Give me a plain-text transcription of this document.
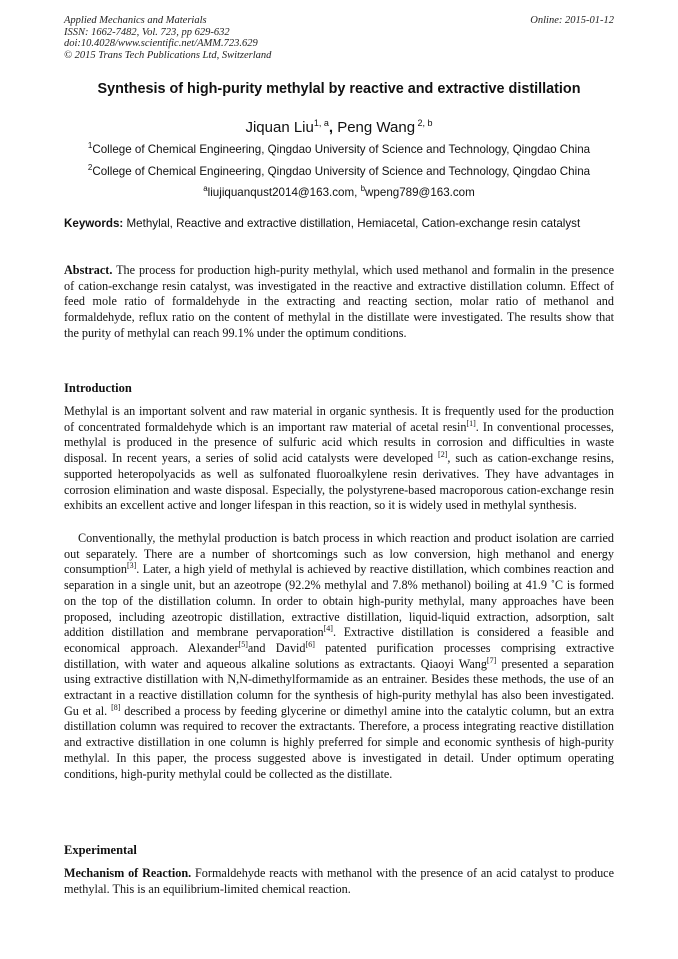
Applied Mechanics and Materials
ISSN: 1662-7482, Vol. 723, pp 629-632
doi:10.4028/www.scientific.net/AMM.723.629
© 2015 Trans Tech Publications Ltd, Switzerland
Online: 2015-01-12
Synthesis of high-purity methylal by reactive and extractive distillation
Jiquan Liu$^{1, a}$, Peng Wang $^{2, b}$
$^1$College of Chemical Engineering, Qingdao University of Science and Technology, Qingdao China
$^2$College of Chemical Engineering, Qingdao University of Science and Technology, Qingdao China
$^a$liujiquanqust2014@163.com, $^b$wpeng789@163.com
Keywords: Methylal, Reactive and extractive distillation, Hemiacetal, Cation-exchange resin catalyst
Abstract. The process for production high-purity methylal, which used methanol and formalin in the presence of cation-exchange resin catalyst, was investigated in the reactive and extractive distillation column. Effect of feed mole ratio of formaldehyde in the extracting and reacting section, molar ratio of methanol and formaldehyde, reflux ratio on the content of methylal in the distillate were investigated. The results show that the purity of methylal can reach 99.1% under the optimum conditions.
Introduction
Methylal is an important solvent and raw material in organic synthesis. It is frequently used for the production of concentrated formaldehyde which is an important raw material of acetal resin[1]. In conventional processes, methylal is produced in the presence of sulfuric acid which results in corrosion and difficulties in waste disposal. In recent years, a series of solid acid catalysts were developed [2], such as cation-exchange resins, supported heteropolyacids as well as sulfonated fluoroalkylene resin derivatives. They have advantages in corrosion elimination and waste disposal. Especially, the polystyrene-based macroporous cation-exchange resin exhibits an excellent active and longer lifespan in this reaction, so it is widely used in methylal synthesis.
Conventionally, the methylal production is batch process in which reaction and product isolation are carried out separately. There are a number of shortcomings such as low conversion, high methanol and energy consumption[3]. Later, a high yield of methylal is achieved by reactive distillation, which combines reaction and separation in a single unit, but an azeotrope (92.2% methylal and 7.8% methanol) boiling at 41.9 ˚C is formed on the top of the distillation column. In order to obtain high-purity methylal, many approaches have been proposed, including azeotropic distillation, extractive distillation, liquid-liquid extraction, adsorption, salt addition distillation and membrane pervaporation[4]. Extractive distillation is considered a feasible and economical approach. Alexander[5]and David[6] patented purification processes comprising extractive distillation, with water and aqueous alkaline solutions as extractants. Qiaoyi Wang[7] presented a separation using extractive distillation with N,N-dimethylformamide as an entrainer. Besides these methods, the use of an extractant in a reactive distillation column for the synthesis of high-purity methylal has also been investigated. Gu et al. [8] described a process by feeding glycerine or dimethyl amine into the catalytic column, but an extra distillation column was required to recover the extractants. Therefore, a process integrating reactive distillation and extractive distillation in one column is highly preferred for simple and economic synthesis of high-purity methylal. In this paper, the process suggested above is investigated in detail. Under optimum operating conditions, high-purity methylal could be collected as the distillate.
Experimental
Mechanism of Reaction. Formaldehyde reacts with methanol with the presence of an acid catalyst to produce methylal. This is an equilibrium-limited chemical reaction.
